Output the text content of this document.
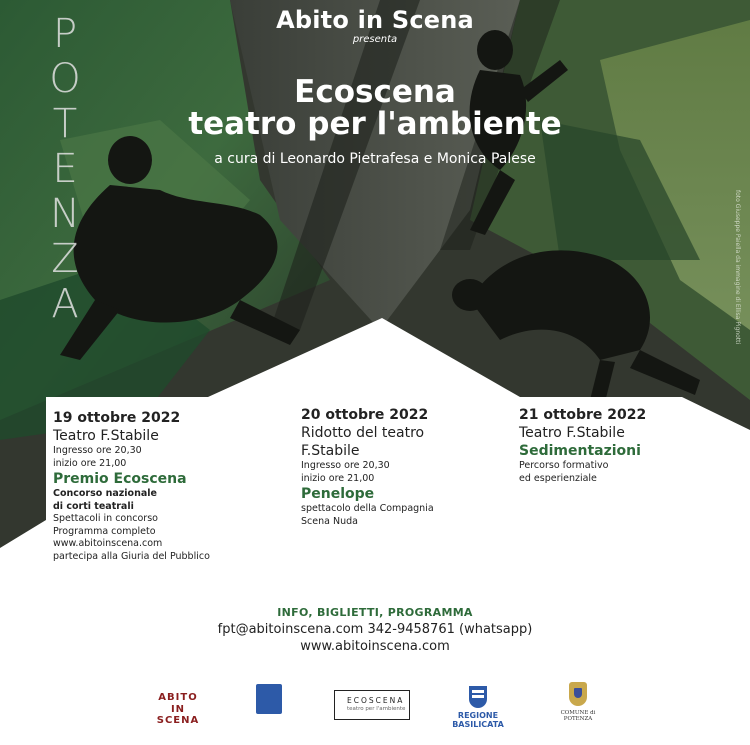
Abito in Scena
presenta
Ecoscena
teatro per l'ambiente
a cura di Leonardo Pietrafesa e Monica Palese
P
O
T
E
N
Z
A	foto Giuseppe Paiella da immagine di Ellisa Pignotti
19 ottobre 2022
Teatro F.Stabile
Ingresso ore 20,30
inizio ore 21,00
Premio Ecoscena
Concorso nazionale
di corti teatrali
Spettacoli in concorso
Programma completo
www.abitoinscena.com
partecipa alla Giuria del Pubblico
20 ottobre 2022
Ridotto del teatro
F.Stabile
Ingresso ore 20,30
inizio ore 21,00
Penelope
spettacolo della Compagnia
Scena Nuda
21 ottobre 2022
Teatro F.Stabile
Sedimentazioni
Percorso formativo
ed esperienziale
INFO, BIGLIETTI, PROGRAMMA
fpt@abitoinscena.com 342-9458761 (whatsapp)
www.abitoinscena.com
ABITO
IN SCENA
ECOSCENA
teatro per l'ambiente
REGIONE BASILICATA
COMUNE di POTENZA
